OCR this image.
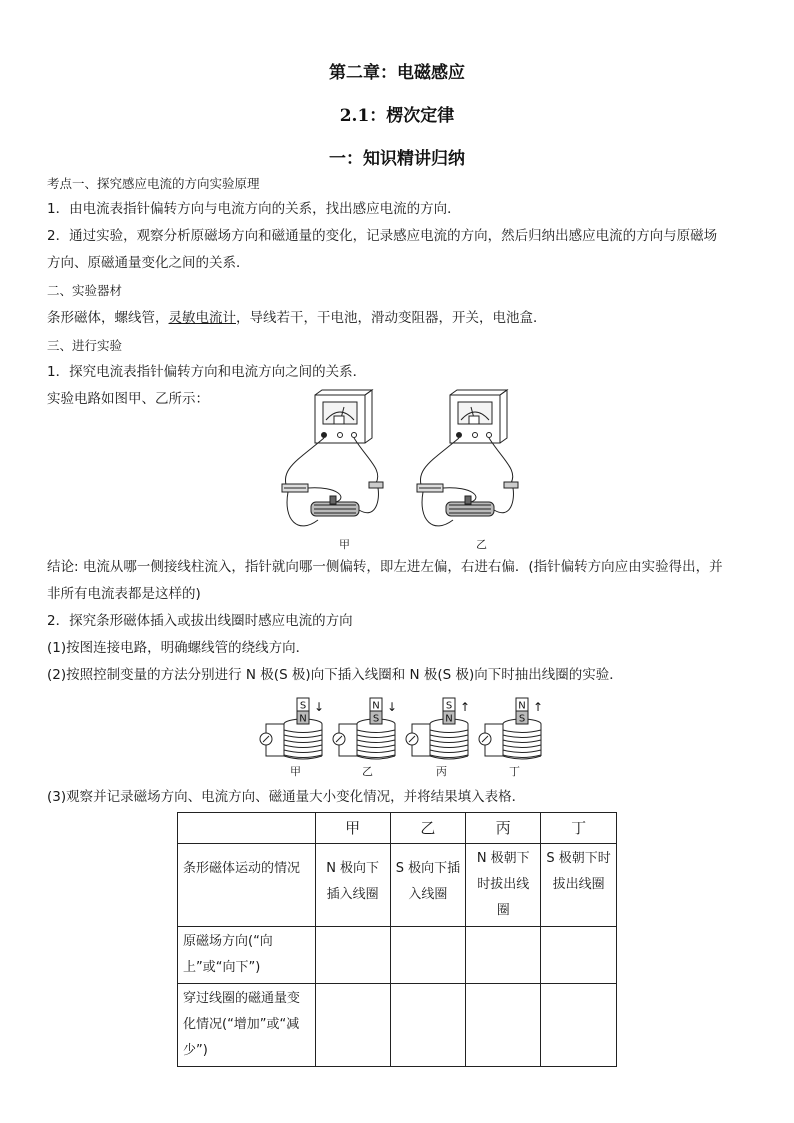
第二章：电磁感应
2.1：楞次定律
一：知识精讲归纳
考点一、探究感应电流的方向实验原理
1．由电流表指针偏转方向与电流方向的关系，找出感应电流的方向．
2．通过实验，观察分析原磁场方向和磁通量的变化，记录感应电流的方向，然后归纳出感应电流的方向与原磁场
方向、原磁通量变化之间的关系．
二、实验器材
条形磁体，螺线管，灵敏电流计，导线若干，干电池，滑动变阻器，开关，电池盒．
三、进行实验
1．探究电流表指针偏转方向和电流方向之间的关系．
实验电路如图甲、乙所示：
甲	乙
结论: 电流从哪一侧接线柱流入，指针就向哪一侧偏转，即左进左偏，右进右偏．(指针偏转方向应由实验得出，并
非所有电流表都是这样的)
2．探究条形磁体插入或拔出线圈时感应电流的方向
(1)按图连接电路，明确螺线管的绕线方向．
(2)按照控制变量的方法分别进行 N 极(S 极)向下插入线圈和 N 极(S 极)向下时抽出线圈的实验．
S
N
↓	N
S
↓	S
N
↑	N
S
↑
甲	乙	丙	丁
(3)观察并记录磁场方向、电流方向、磁通量大小变化情况，并将结果填入表格．
	甲	乙	丙	丁
条形磁体运动的情况	N 极向下插入线圈	S 极向下插入线圈	N 极朝下时拔出线圈	S 极朝下时拔出线圈
原磁场方向(“向上”或“向下”)				
穿过线圈的磁通量变化情况(“增加”或“减少”)				
